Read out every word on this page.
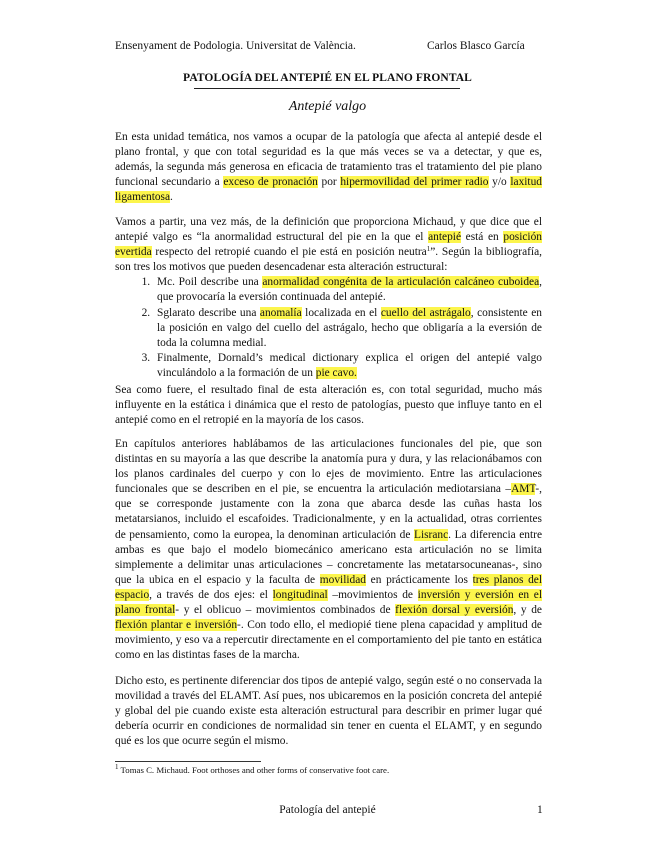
Ensenyament de Podologia. Universitat de València.	Carlos Blasco García
PATOLOGÍA DEL ANTEPIÉ EN EL PLANO FRONTAL
Antepié valgo

En esta unidad temática, nos vamos a ocupar de la patología que afecta al antepié desde el plano frontal, y que con total seguridad es la que más veces se va a detectar, y que es, además, la segunda más generosa en eficacia de tratamiento tras el tratamiento del pie plano funcional secundario a exceso de pronación por hipermovilidad del primer radio y/o laxitud ligamentosa.

Vamos a partir, una vez más, de la definición que proporciona Michaud, y que dice que el antepié valgo es “la anormalidad estructural del pie en la que el antepié está en posición evertida respecto del retropié cuando el pie está en posición neutra$^1$”. Según la bibliografía, son tres los motivos que pueden desencadenar esta alteración estructural:

1. Mc. Poil describe una anormalidad congénita de la articulación calcáneo cuboidea, que provocaría la eversión continuada del antepié.
2. Sglarato describe una anomalía localizada en el cuello del astrágalo, consistente en la posición en valgo del cuello del astrágalo, hecho que obligaría a la eversión de toda la columna medial.
3. Finalmente, Dornald’s medical dictionary explica el origen del antepié valgo vinculándolo a la formación de un pie cavo.

Sea como fuere, el resultado final de esta alteración es, con total seguridad, mucho más influyente en la estática i dinámica que el resto de patologías, puesto que influye tanto en el antepié como en el retropié en la mayoría de los casos.

En capítulos anteriores hablábamos de las articulaciones funcionales del pie, que son distintas en su mayoría a las que describe la anatomía pura y dura, y las relacionábamos con los planos cardinales del cuerpo y con lo ejes de movimiento. Entre las articulaciones funcionales que se describen en el pie, se encuentra la articulación mediotarsiana –AMT-, que se corresponde justamente con la zona que abarca desde las cuñas hasta los metatarsianos, incluido el escafoides. Tradicionalmente, y en la actualidad, otras corrientes de pensamiento, como la europea, la denominan articulación de Lisranc. La diferencia entre ambas es que bajo el modelo biomecánico americano esta articulación no se limita simplemente a delimitar unas articulaciones – concretamente las metatarsocuneanas-, sino que la ubica en el espacio y la faculta de movilidad en prácticamente los tres planos del espacio, a través de dos ejes: el longitudinal –movimientos de inversión y eversión en el plano frontal- y el oblicuo – movimientos combinados de flexión dorsal y eversión, y de flexión plantar e inversión-. Con todo ello, el mediopié tiene plena capacidad y amplitud de movimiento, y eso va a repercutir directamente en el comportamiento del pie tanto en estática como en las distintas fases de la marcha.

Dicho esto, es pertinente diferenciar dos tipos de antepié valgo, según esté o no conservada la movilidad a través del ELAMT. Así pues, nos ubicaremos en la posición concreta del antepié y global del pie cuando existe esta alteración estructural para describir en primer lugar qué debería ocurrir en condiciones de normalidad sin tener en cuenta el ELAMT, y en segundo qué es los que ocurre según el mismo.

$^1$ Tomas C. Michaud. Foot orthoses and other forms of conservative foot care.
Patología del antepié	1
